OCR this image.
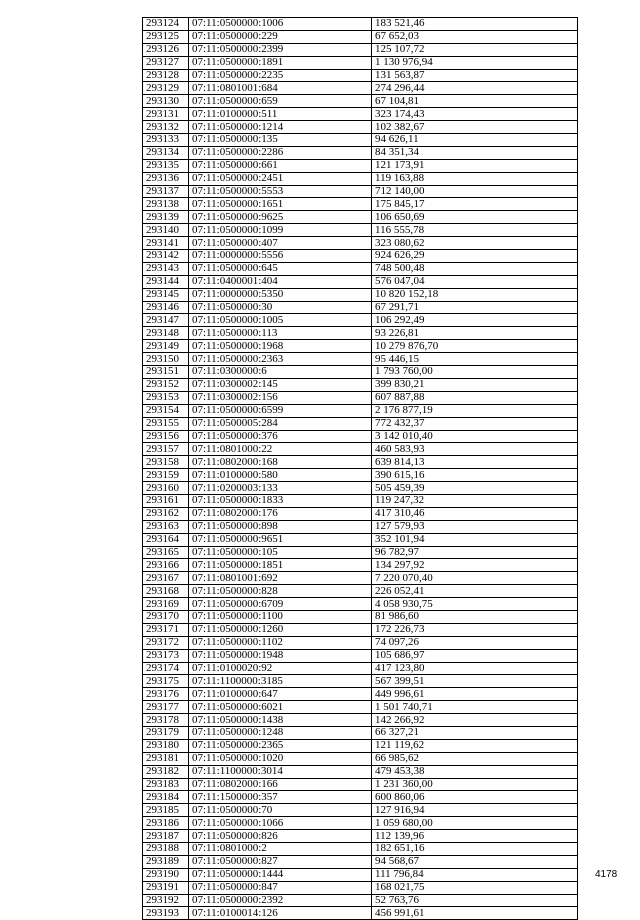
293124	07:11:0500000:1006	183 521,46
293125	07:11:0500000:229	67 652,03
293126	07:11:0500000:2399	125 107,72
293127	07:11:0500000:1891	1 130 976,94
293128	07:11:0500000:2235	131 563,87
293129	07:11:0801001:684	274 296,44
293130	07:11:0500000:659	67 104,81
293131	07:11:0100000:511	323 174,43
293132	07:11:0500000:1214	102 382,67
293133	07:11:0500000:135	94 626,11
293134	07:11:0500000:2286	84 351,34
293135	07:11:0500000:661	121 173,91
293136	07:11:0500000:2451	119 163,88
293137	07:11:0500000:5553	712 140,00
293138	07:11:0500000:1651	175 845,17
293139	07:11:0500000:9625	106 650,69
293140	07:11:0500000:1099	116 555,78
293141	07:11:0500000:407	323 080,62
293142	07:11:0000000:5556	924 626,29
293143	07:11:0500000:645	748 500,48
293144	07:11:0400001:404	576 047,04
293145	07:11:0000000:5350	10 820 152,18
293146	07:11:0500000:30	67 291,71
293147	07:11:0500000:1005	106 292,49
293148	07:11:0500000:113	93 226,81
293149	07:11:0500000:1968	10 279 876,70
293150	07:11:0500000:2363	95 446,15
293151	07:11:0300000:6	1 793 760,00
293152	07:11:0300002:145	399 830,21
293153	07:11:0300002:156	607 887,88
293154	07:11:0500000:6599	2 176 877,19
293155	07:11:0500005:284	772 432,37
293156	07:11:0500000:376	3 142 010,40
293157	07:11:0801000:22	460 583,93
293158	07:11:0802000:168	639 814,13
293159	07:11:0100000:580	390 615,16
293160	07:11:0200003:133	505 459,39
293161	07:11:0500000:1833	119 247,32
293162	07:11:0802000:176	417 310,46
293163	07:11:0500000:898	127 579,93
293164	07:11:0500000:9651	352 101,94
293165	07:11:0500000:105	96 782,97
293166	07:11:0500000:1851	134 297,92
293167	07:11:0801001:692	7 220 070,40
293168	07:11:0500000:828	226 052,41
293169	07:11:0500000:6709	4 058 930,75
293170	07:11:0500000:1100	81 986,60
293171	07:11:0500000:1260	172 226,73
293172	07:11:0500000:1102	74 097,26
293173	07:11:0500000:1948	105 686,97
293174	07:11:0100020:92	417 123,80
293175	07:11:1100000:3185	567 399,51
293176	07:11:0100000:647	449 996,61
293177	07:11:0500000:6021	1 501 740,71
293178	07:11:0500000:1438	142 266,92
293179	07:11:0500000:1248	66 327,21
293180	07:11:0500000:2365	121 119,62
293181	07:11:0500000:1020	66 985,62
293182	07:11:1100000:3014	479 453,38
293183	07:11:0802000:166	1 231 360,00
293184	07:11:1500000:357	600 860,06
293185	07:11:0500000:70	127 916,94
293186	07:11:0500000:1066	1 059 680,00
293187	07:11:0500000:826	112 139,96
293188	07:11:0801000:2	182 651,16
293189	07:11:0500000:827	94 568,67
293190	07:11:0500000:1444	111 796,84
293191	07:11:0500000:847	168 021,75
293192	07:11:0500000:2392	52 763,76
293193	07:11:0100014:126	456 991,61
4178
